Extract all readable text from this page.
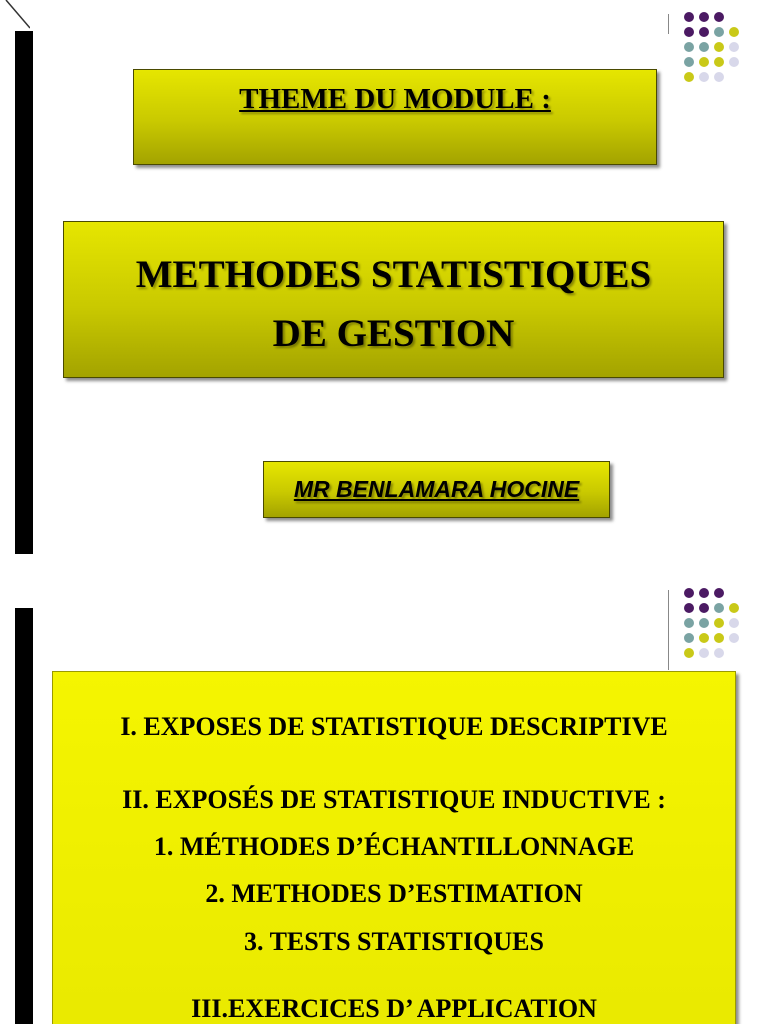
THEME DU MODULE :
METHODES STATISTIQUES
DE GESTION
MR BENLAMARA HOCINE
I. EXPOSES DE STATISTIQUE DESCRIPTIVE
II. EXPOSÉS DE STATISTIQUE INDUCTIVE :
1. MÉTHODES D’ÉCHANTILLONNAGE
2. METHODES D’ESTIMATION
3. TESTS STATISTIQUES
III.EXERCICES D’ APPLICATION
